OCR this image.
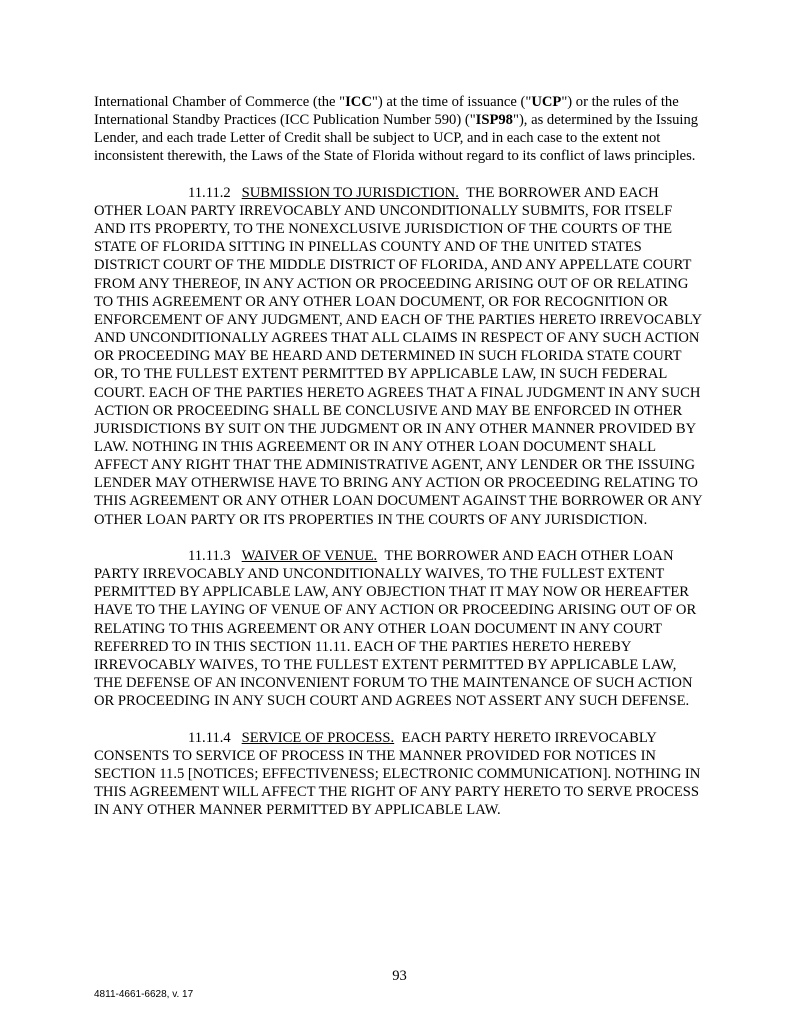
International Chamber of Commerce (the "ICC") at the time of issuance ("UCP") or the rules of the International Standby Practices (ICC Publication Number 590) ("ISP98"), as determined by the Issuing Lender, and each trade Letter of Credit shall be subject to UCP, and in each case to the extent not inconsistent therewith, the Laws of the State of Florida without regard to its conflict of laws principles.

11.11.2 SUBMISSION TO JURISDICTION. THE BORROWER AND EACH OTHER LOAN PARTY IRREVOCABLY AND UNCONDITIONALLY SUBMITS, FOR ITSELF AND ITS PROPERTY, TO THE NONEXCLUSIVE JURISDICTION OF THE COURTS OF THE STATE OF FLORIDA SITTING IN PINELLAS COUNTY AND OF THE UNITED STATES DISTRICT COURT OF THE MIDDLE DISTRICT OF FLORIDA, AND ANY APPELLATE COURT FROM ANY THEREOF, IN ANY ACTION OR PROCEEDING ARISING OUT OF OR RELATING TO THIS AGREEMENT OR ANY OTHER LOAN DOCUMENT, OR FOR RECOGNITION OR ENFORCEMENT OF ANY JUDGMENT, AND EACH OF THE PARTIES HERETO IRREVOCABLY AND UNCONDITIONALLY AGREES THAT ALL CLAIMS IN RESPECT OF ANY SUCH ACTION OR PROCEEDING MAY BE HEARD AND DETERMINED IN SUCH FLORIDA STATE COURT OR, TO THE FULLEST EXTENT PERMITTED BY APPLICABLE LAW, IN SUCH FEDERAL COURT. EACH OF THE PARTIES HERETO AGREES THAT A FINAL JUDGMENT IN ANY SUCH ACTION OR PROCEEDING SHALL BE CONCLUSIVE AND MAY BE ENFORCED IN OTHER JURISDICTIONS BY SUIT ON THE JUDGMENT OR IN ANY OTHER MANNER PROVIDED BY LAW. NOTHING IN THIS AGREEMENT OR IN ANY OTHER LOAN DOCUMENT SHALL AFFECT ANY RIGHT THAT THE ADMINISTRATIVE AGENT, ANY LENDER OR THE ISSUING LENDER MAY OTHERWISE HAVE TO BRING ANY ACTION OR PROCEEDING RELATING TO THIS AGREEMENT OR ANY OTHER LOAN DOCUMENT AGAINST THE BORROWER OR ANY OTHER LOAN PARTY OR ITS PROPERTIES IN THE COURTS OF ANY JURISDICTION.

11.11.3 WAIVER OF VENUE. THE BORROWER AND EACH OTHER LOAN PARTY IRREVOCABLY AND UNCONDITIONALLY WAIVES, TO THE FULLEST EXTENT PERMITTED BY APPLICABLE LAW, ANY OBJECTION THAT IT MAY NOW OR HEREAFTER HAVE TO THE LAYING OF VENUE OF ANY ACTION OR PROCEEDING ARISING OUT OF OR RELATING TO THIS AGREEMENT OR ANY OTHER LOAN DOCUMENT IN ANY COURT REFERRED TO IN THIS SECTION 11.11. EACH OF THE PARTIES HERETO HEREBY IRREVOCABLY WAIVES, TO THE FULLEST EXTENT PERMITTED BY APPLICABLE LAW, THE DEFENSE OF AN INCONVENIENT FORUM TO THE MAINTENANCE OF SUCH ACTION OR PROCEEDING IN ANY SUCH COURT AND AGREES NOT ASSERT ANY SUCH DEFENSE.

11.11.4 SERVICE OF PROCESS. EACH PARTY HERETO IRREVOCABLY CONSENTS TO SERVICE OF PROCESS IN THE MANNER PROVIDED FOR NOTICES IN SECTION 11.5 [NOTICES; EFFECTIVENESS; ELECTRONIC COMMUNICATION]. NOTHING IN THIS AGREEMENT WILL AFFECT THE RIGHT OF ANY PARTY HERETO TO SERVE PROCESS IN ANY OTHER MANNER PERMITTED BY APPLICABLE LAW.

93
4811-4661-6628, v. 17
